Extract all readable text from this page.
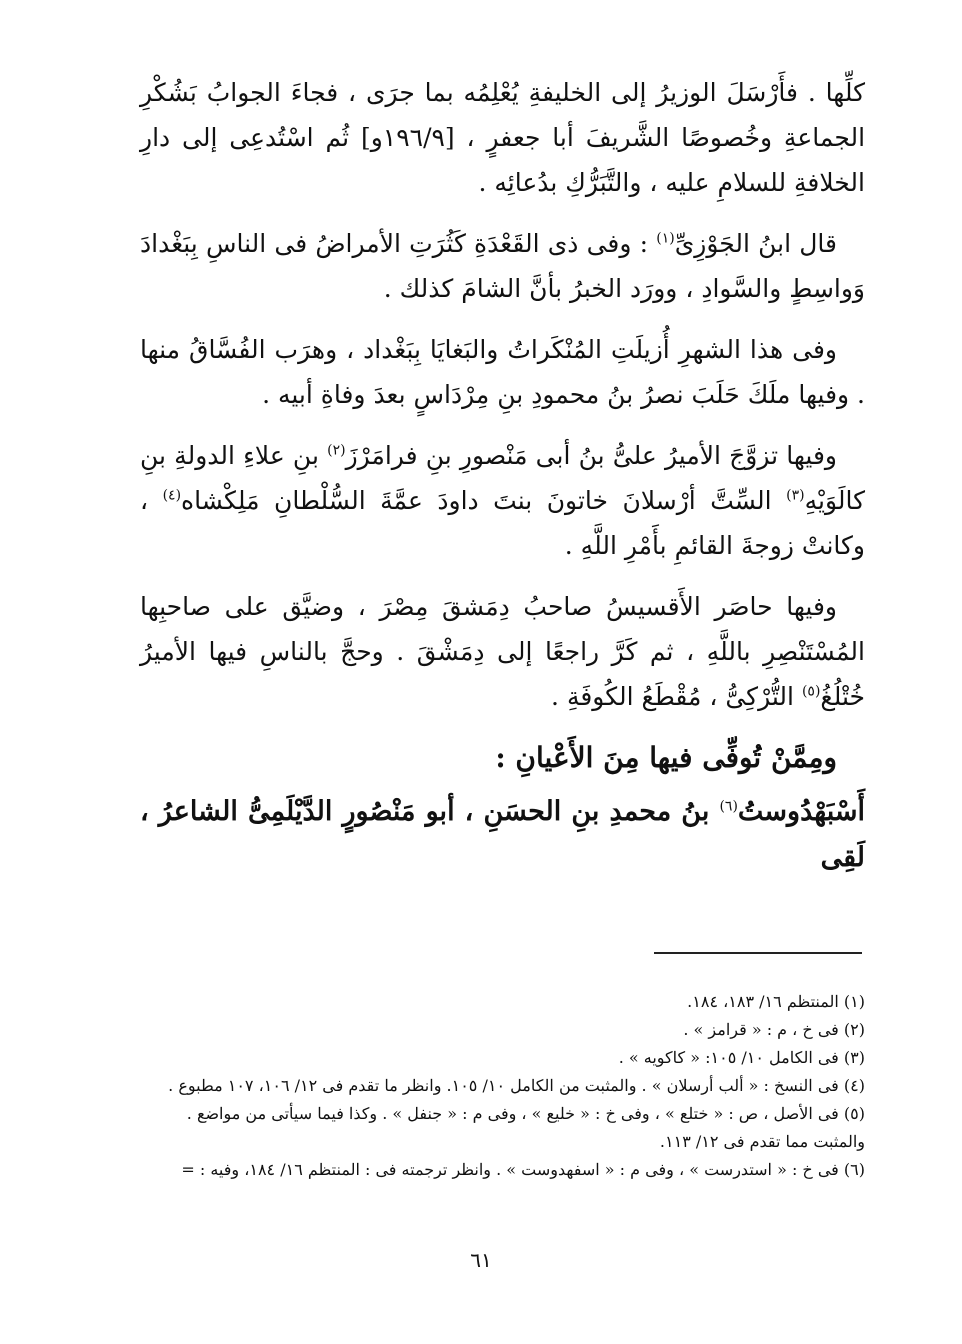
كلِّها . فأَرْسَلَ الوزيرُ إلى الخليفةِ يُعْلِمُه بما جرَى ، فجاءَ الجوابُ بَشُكْرِ الجماعةِ وخُصوصًا الشَّريفَ أبا جعفرٍ ، [١٩٦/٩و] ثُم اسْتُدعِى إلى دارِ الخلافةِ للسلامِ عليه ، والتَّبَرُّكِ بدُعائِه .

قال ابنُ الجَوْزِىِّ$^{(١)}$ : وفى ذى القَعْدَةِ كَثُرَتِ الأمراضُ فى الناسِ بِبَغْدادَ وَواسِطٍ والسَّوادِ ، وورَد الخبرُ بأنَّ الشامَ كذلك .

وفى هذا الشهرِ أُزيلَتِ المُنْكَراتُ والبَغايَا بِبَغْداد ، وهرَب الفُسَّاقُ منها . وفيها ملَكَ حَلَبَ نصرُ بنُ محمودِ بنِ مِرْدَاسٍ بعدَ وفاةِ أبيه .

وفيها تزوَّجَ الأميرُ علىُّ بنُ أبى مَنْصورِ بنِ فرامَرْزَ$^{(٢)}$ بنِ علاءِ الدولةِ بنِ كالَوَيْهِ$^{(٣)}$ السِّتَّ أرْسلانَ خاتونَ بنتَ داودَ عمَّةَ السُّلْطانِ مَلِكْشاه$^{(٤)}$ ، وكانتْ زوجةَ القائمِ بأَمْرِ اللَّهِ .

وفيها حاصَر الأَقسيسُ صاحبُ دِمَشقَ مِصْرَ ، وضيَّق على صاحبِها المُسْتَنْصِرِ باللَّهِ ، ثم كَرَّ راجعًا إلى دِمَشْقَ . وحجَّ بالناسِ فيها الأميرُ خُتْلُغُ$^{(٥)}$ التُّرْكِىُّ ، مُقْطَعُ الكُوفَةِ .

ومِمَّنْ تُوفِّى فيها مِنَ الأَعْيانِ :

أَسْبَهْدُوستُ$^{(٦)}$ بنُ محمدِ بنِ الحسَنِ ، أبو مَنْصُورٍ الدَّيْلَمِىُّ الشاعرُ ، لَقِى

(١) المنتظم ١٦/ ١٨٣، ١٨٤.

(٢) فى خ ، م : « قرامز » .

(٣) فى الكامل ١٠/ ١٠٥: « كاكويه » .

(٤) فى النسخ : « ألب أرسلان » . والمثبت من الكامل ١٠/ ١٠٥. وانظر ما تقدم فى ١٢/ ١٠٦، ١٠٧ مطبوع .

(٥) فى الأصل ، ص : « ختلع » ، وفى خ : « خليع » ، وفى م : « جنفل » . وكذا فيما سيأتى من مواضع .

والمثبت مما تقدم فى ١٢/ ١١٣.

(٦) فى خ : « استدرست » ، وفى م : « اسفهدوست » . وانظر ترجمته فى : المنتظم ١٦/ ١٨٤، وفيه : =

٦١
